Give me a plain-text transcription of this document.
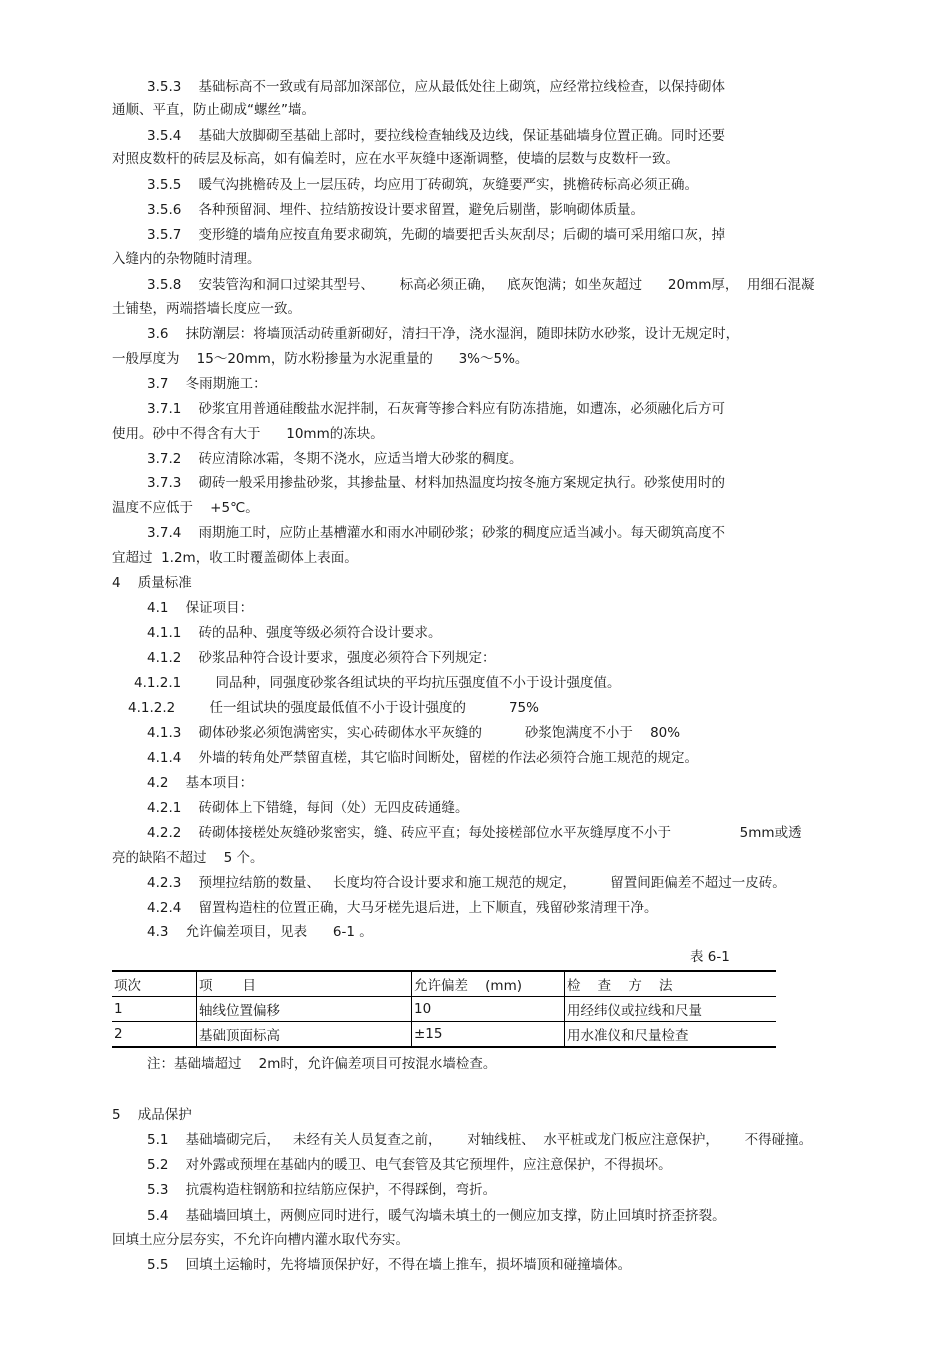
3.5.3    基础标高不一致或有局部加深部位，应从最低处往上砌筑，应经常拉线检查，以保持砌体
通顺、平直，防止砌成“螺丝”墙。
3.5.4    基础大放脚砌至基础上部时，要拉线检查轴线及边线，保证基础墙身位置正确。同时还要
对照皮数杆的砖层及标高，如有偏差时，应在水平灰缝中逐渐调整，使墙的层数与皮数杆一致。
3.5.5    暖气沟挑檐砖及上一层压砖，均应用丁砖砌筑，灰缝要严实，挑檐砖标高必须正确。
3.5.6    各种预留洞、埋件、拉结筋按设计要求留置，避免后剔凿，影响砌体质量。
3.5.7    变形缝的墙角应按直角要求砌筑，先砌的墙要把舌头灰刮尽；后砌的墙可采用缩口灰，掉
入缝内的杂物随时清理。
3.5.8    安装管沟和洞口过梁其型号、      标高必须正确，   底灰饱满；如坐灰超过      20mm厚，  用细石混凝
土铺垫，两端搭墙长度应一致。
3.6    抹防潮层：将墙顶活动砖重新砌好，清扫干净，浇水湿润，随即抹防水砂浆，设计无规定时，
一般厚度为    15～20mm，防水粉掺量为水泥重量的      3%～5%。
3.7    冬雨期施工：
3.7.1    砂浆宜用普通硅酸盐水泥拌制，石灰膏等掺合料应有防冻措施，如遭冻，必须融化后方可
使用。砂中不得含有大于      10mm的冻块。
3.7.2    砖应清除冰霜，冬期不浇水，应适当增大砂浆的稠度。
3.7.3    砌砖一般采用掺盐砂浆，其掺盐量、材料加热温度均按冬施方案规定执行。砂浆使用时的
温度不应低于    +5℃。
3.7.4    雨期施工时，应防止基槽灌水和雨水冲刷砂浆；砂浆的稠度应适当减小。每天砌筑高度不
宜超过  1.2m，收工时覆盖砌体上表面。
4    质量标准
4.1    保证项目：
4.1.1    砖的品种、强度等级必须符合设计要求。
4.1.2    砂浆品种符合设计要求，强度必须符合下列规定：
4.1.2.1        同品种，同强度砂浆各组试块的平均抗压强度值不小于设计强度值。
4.1.2.2        任一组试块的强度最低值不小于设计强度的          75%
4.1.3    砌体砂浆必须饱满密实，实心砖砌体水平灰缝的          砂浆饱满度不小于    80%
4.1.4    外墙的转角处严禁留直槎，其它临时间断处，留槎的作法必须符合施工规范的规定。
4.2    基本项目：
4.2.1    砖砌体上下错缝，每间（处）无四皮砖通缝。
4.2.2    砖砌体接槎处灰缝砂浆密实，缝、砖应平直；每处接槎部位水平灰缝厚度不小于                5mm或透
亮的缺陷不超过    5 个。
4.2.3    预埋拉结筋的数量、   长度均符合设计要求和施工规范的规定，        留置间距偏差不超过一皮砖。
4.2.4    留置构造柱的位置正确，大马牙槎先退后进，上下顺直，残留砂浆清理干净。
4.3    允许偏差项目，见表      6-1 。
表 6-1
项次	项       目	允许偏差    (mm)	检    查    方    法
1	轴线位置偏移	10	用经纬仪或拉线和尺量
2	基础顶面标高	±15	用水准仪和尺量检查
注：基础墙超过    2m时，允许偏差项目可按混水墙检查。
5    成品保护
5.1    基础墙砌完后，   未经有关人员复查之前，      对轴线桩、  水平桩或龙门板应注意保护，      不得碰撞。
5.2    对外露或预埋在基础内的暖卫、电气套管及其它预埋件，应注意保护，不得损坏。
5.3    抗震构造柱钢筋和拉结筋应保护，不得踩倒，弯折。
5.4    基础墙回填土，两侧应同时进行，暖气沟墙未填土的一侧应加支撑，防止回填时挤歪挤裂。
回填土应分层夯实，不允许向槽内灌水取代夯实。
5.5    回填土运输时，先将墙顶保护好，不得在墙上推车，损坏墙顶和碰撞墙体。
